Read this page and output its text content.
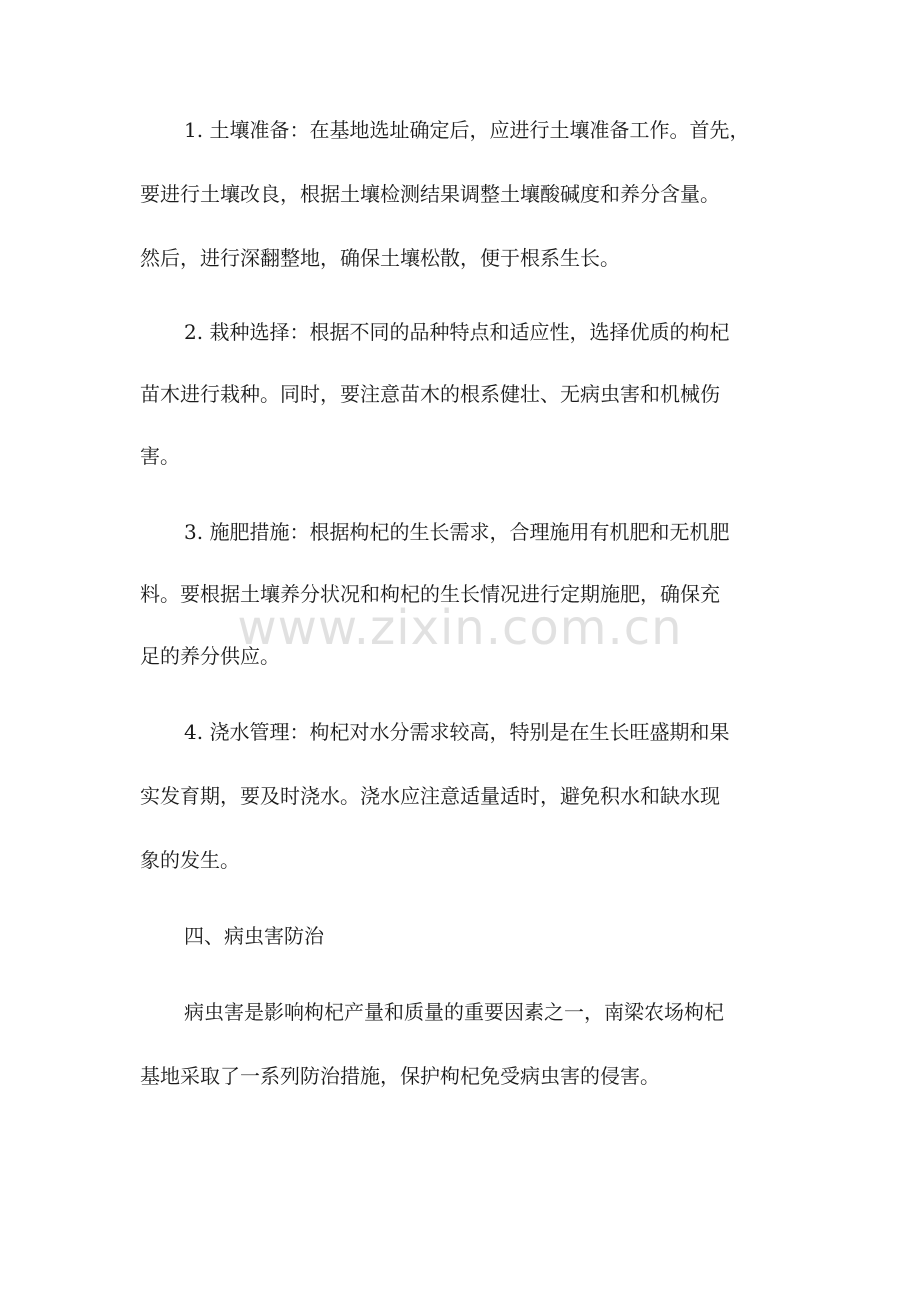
1. 土壤准备：在基地选址确定后，应进行土壤准备工作。首先，
要进行土壤改良，根据土壤检测结果调整土壤酸碱度和养分含量。
然后，进行深翻整地，确保土壤松散，便于根系生长。
2. 栽种选择：根据不同的品种特点和适应性，选择优质的枸杞
苗木进行栽种。同时，要注意苗木的根系健壮、无病虫害和机械伤
害。
3. 施肥措施：根据枸杞的生长需求，合理施用有机肥和无机肥
料。要根据土壤养分状况和枸杞的生长情况进行定期施肥，确保充
足的养分供应。
4. 浇水管理：枸杞对水分需求较高，特别是在生长旺盛期和果
实发育期，要及时浇水。浇水应注意适量适时，避免积水和缺水现
象的发生。
四、病虫害防治
病虫害是影响枸杞产量和质量的重要因素之一，南梁农场枸杞
基地采取了一系列防治措施，保护枸杞免受病虫害的侵害。
www.zixin.com.cn
